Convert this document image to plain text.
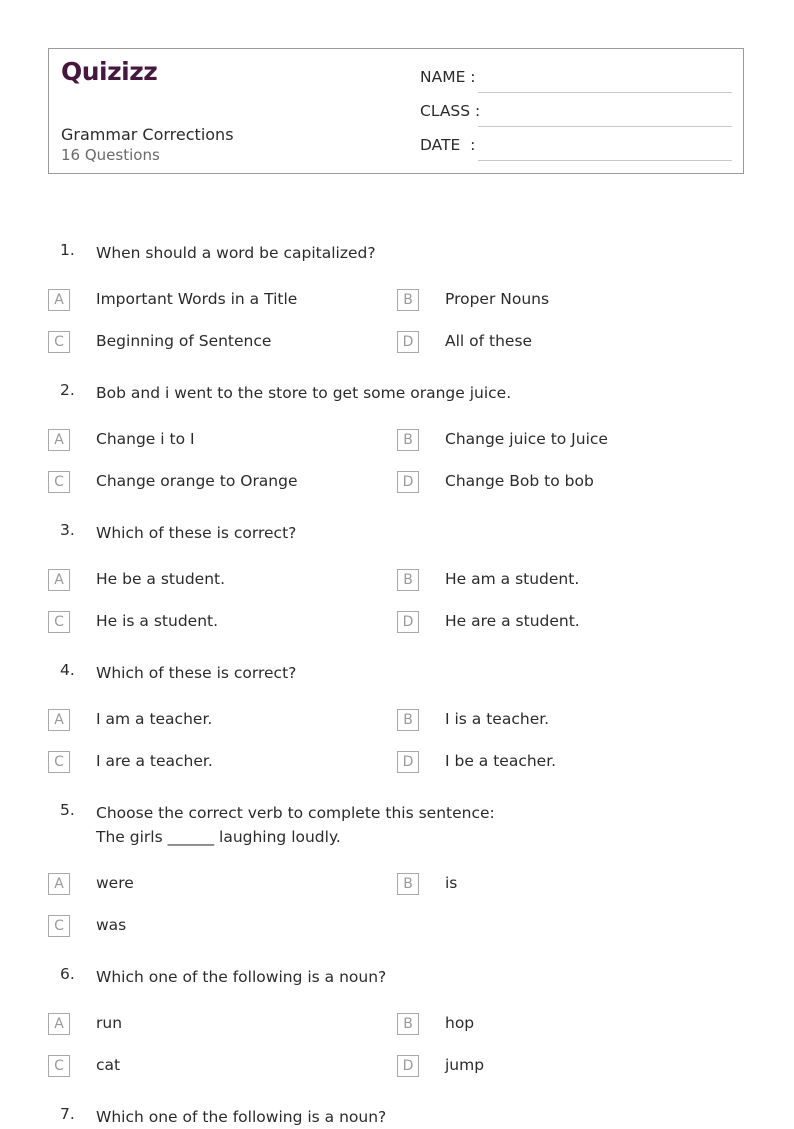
Quizizz
Grammar Corrections
16 Questions
NAME :
CLASS :
DATE  :
1. When should a word be capitalized?
A	Important Words in a Title	B	Proper Nouns
C	Beginning of Sentence	D	All of these
2. Bob and i went to the store to get some orange juice.
A	Change i to I	B	Change juice to Juice
C	Change orange to Orange	D	Change Bob to bob
3. Which of these is correct?
A	He be a student.	B	He am a student.
C	He is a student.	D	He are a student.
4. Which of these is correct?
A	I am a teacher.	B	I is a teacher.
C	I are a teacher.	D	I be a teacher.
5. Choose the correct verb to complete this sentence:
The girls ______ laughing loudly.
A	were	B	is
C	was
6. Which one of the following is a noun?
A	run	B	hop
C	cat	D	jump
7. Which one of the following is a noun?
